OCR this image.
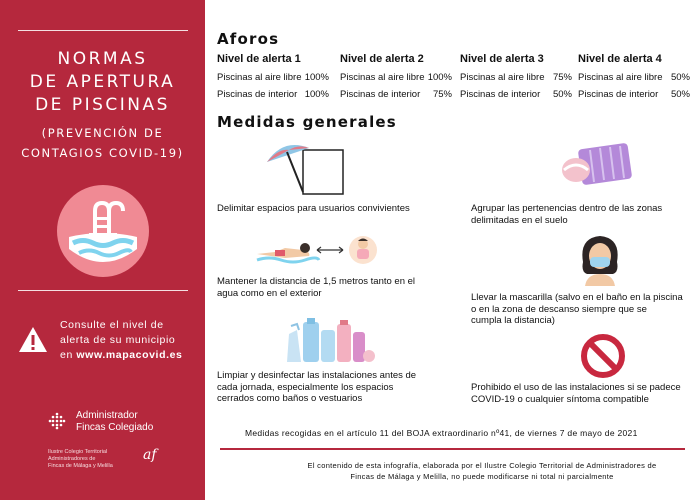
NORMAS
DE APERTURA
DE PISCINAS
(PREVENCIÓN DE
CONTAGIOS COVID-19)
Consulte el nivel de
alerta de su municipio
en www.mapacovid.es
Administrador
Fincas Colegiado
Ilustre Colegio Territorial
Administradores de
Fincas de Málaga y Melilla
af
Aforos
Nivel de alerta 1
Piscinas al aire libre 100%
Piscinas de interior 100%
Nivel de alerta 2
Piscinas al aire libre 100%
Piscinas de interior 75%
Nivel de alerta 3
Piscinas al aire libre 75%
Piscinas de interior 50%
Nivel de alerta 4
Piscinas al aire libre 50%
Piscinas de interior 50%
Medidas generales
Delimitar espacios para usuarios convivientes	Agrupar las pertenencias dentro de las zonas
delimitadas en el suelo
Mantener la distancia de 1,5 metros tanto en el
agua como en el exterior	Llevar la mascarilla (salvo en el baño en la piscina
o en la zona de descanso siempre que se
cumpla la distancia)
Limpiar y desinfectar las instalaciones antes de
cada jornada, especialmente los espacios
cerrados como baños o vestuarios
Prohibido el uso de las instalaciones si se padece
COVID-19 o cualquier síntoma compatible
Medidas recogidas en el artículo 11 del BOJA extraordinario nº41, de viernes 7 de mayo de 2021
El contenido de esta infografía, elaborada por el Ilustre Colegio Territorial de Administradores de
Fincas de Málaga y Melilla, no puede modificarse ni total ni parcialmente
